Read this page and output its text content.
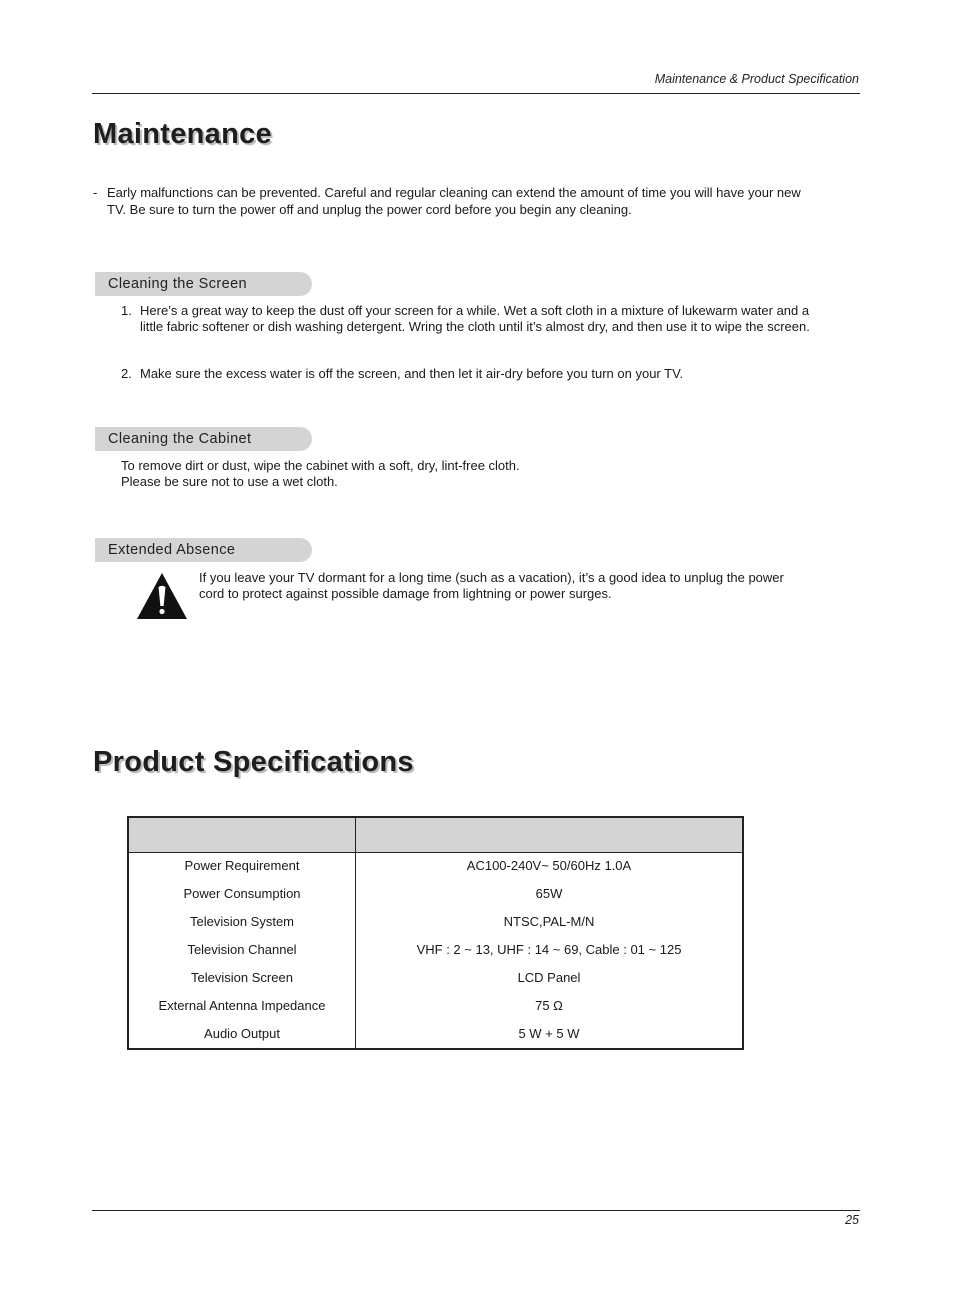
Maintenance & Product Specification
Maintenance
- Early malfunctions can be prevented. Careful and regular cleaning can extend the amount of time you will have your new TV. Be sure to turn the power off and unplug the power cord before you begin any cleaning.
Cleaning the Screen
1. Here’s a great way to keep the dust off your screen for a while. Wet a soft cloth in a mixture of lukewarm water and a little fabric softener or dish washing detergent. Wring the cloth until it’s almost dry, and then use it to wipe the screen.
2. Make sure the excess water is off the screen, and then let it air-dry before you turn on your TV.
Cleaning the Cabinet
To remove dirt or dust, wipe the cabinet with a soft, dry, lint-free cloth.
Please be sure not to use a wet cloth.
Extended Absence
If you leave your TV dormant for a long time (such as a vacation), it’s a good idea to unplug the power cord to protect against possible damage from lightning or power surges.
Product Specifications
Power Requirement	AC100-240V~ 50/60Hz 1.0A
Power Consumption	65W
Television System	NTSC,PAL-M/N
Television Channel	VHF : 2 ~ 13, UHF : 14 ~ 69, Cable : 01 ~ 125
Television Screen	LCD Panel
External Antenna Impedance	75 Ω
Audio Output	5 W + 5 W
25
